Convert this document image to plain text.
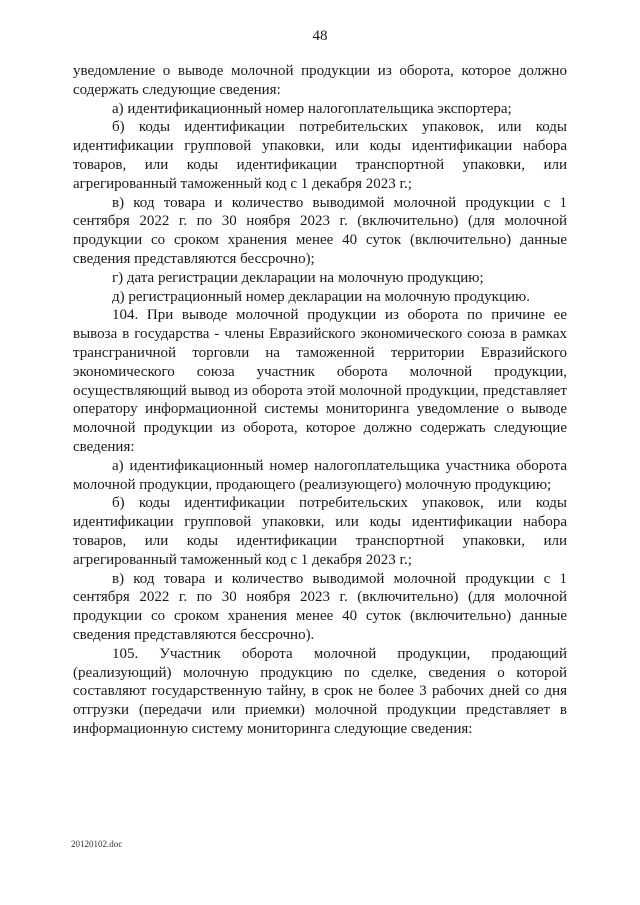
48

уведомление о выводе молочной продукции из оборота, которое должно содержать следующие сведения:

а) идентификационный номер налогоплательщика экспортера;

б) коды идентификации потребительских упаковок, или коды идентификации групповой упаковки, или коды идентификации набора товаров, или коды идентификации транспортной упаковки, или агрегированный таможенный код с 1 декабря 2023 г.;

в) код товара и количество выводимой молочной продукции с 1 сентября 2022 г. по 30 ноября 2023 г. (включительно) (для молочной продукции со сроком хранения менее 40 суток (включительно) данные сведения представляются бессрочно);

г) дата регистрации декларации на молочную продукцию;

д) регистрационный номер декларации на молочную продукцию.

104. При выводе молочной продукции из оборота по причине ее вывоза в государства - члены Евразийского экономического союза в рамках трансграничной торговли на таможенной территории Евразийского экономического союза участник оборота молочной продукции, осуществляющий вывод из оборота этой молочной продукции, представляет оператору информационной системы мониторинга уведомление о выводе молочной продукции из оборота, которое должно содержать следующие сведения:

а) идентификационный номер налогоплательщика участника оборота молочной продукции, продающего (реализующего) молочную продукцию;

б) коды идентификации потребительских упаковок, или коды идентификации групповой упаковки, или коды идентификации набора товаров, или коды идентификации транспортной упаковки, или агрегированный таможенный код с 1 декабря 2023 г.;

в) код товара и количество выводимой молочной продукции с 1 сентября 2022 г. по 30 ноября 2023 г. (включительно) (для молочной продукции со сроком хранения менее 40 суток (включительно) данные сведения представляются бессрочно).

105. Участник оборота молочной продукции, продающий (реализующий) молочную продукцию по сделке, сведения о которой составляют государственную тайну, в срок не более 3 рабочих дней со дня отгрузки (передачи или приемки) молочной продукции представляет в информационную систему мониторинга следующие сведения:

20120102.doc
